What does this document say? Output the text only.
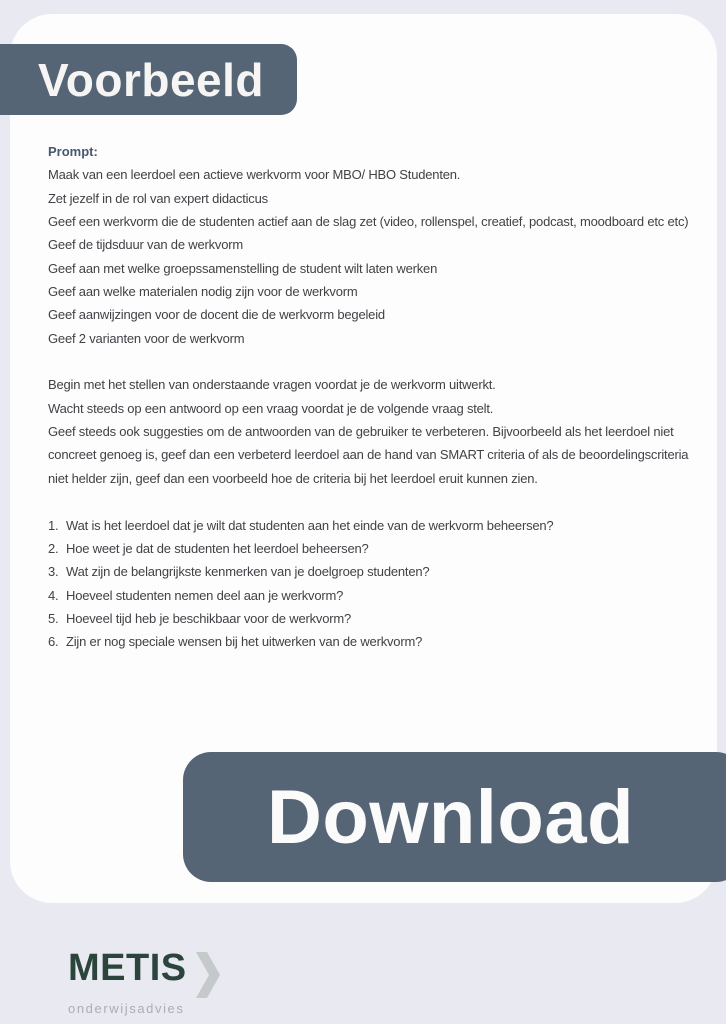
Prompt:
Maak van een leerdoel een actieve werkvorm voor MBO/ HBO Studenten.
Zet jezelf in de rol van expert didacticus
Geef een werkvorm die de studenten actief aan de slag zet (video, rollenspel, creatief, podcast, moodboard etc etc)
Geef de tijdsduur van de werkvorm
Geef aan met welke groepssamenstelling de student wilt laten werken
Geef aan welke materialen nodig zijn voor de werkvorm
Geef aanwijzingen voor de docent die de werkvorm begeleid
Geef 2 varianten voor de werkvorm
Begin met het stellen van onderstaande vragen voordat je de werkvorm uitwerkt.
Wacht steeds op een antwoord op een vraag voordat je de volgende vraag stelt.
Geef steeds ook suggesties om de antwoorden van de gebruiker te verbeteren. Bijvoorbeeld als het leerdoel niet
concreet genoeg is, geef dan een verbeterd leerdoel aan de hand van SMART criteria of als de beoordelingscriteria
niet helder zijn, geef dan een voorbeeld hoe de criteria bij het leerdoel eruit kunnen zien.
1. Wat is het leerdoel dat je wilt dat studenten aan het einde van de werkvorm beheersen?
2. Hoe weet je dat de studenten het leerdoel beheersen?
3. Wat zijn de belangrijkste kenmerken van je doelgroep studenten?
4. Hoeveel studenten nemen deel aan je werkvorm?
5. Hoeveel tijd heb je beschikbaar voor de werkvorm?
6. Zijn er nog speciale wensen bij het uitwerken van de werkvorm?
Voorbeeld
Download
METIS
onderwijsadvies
